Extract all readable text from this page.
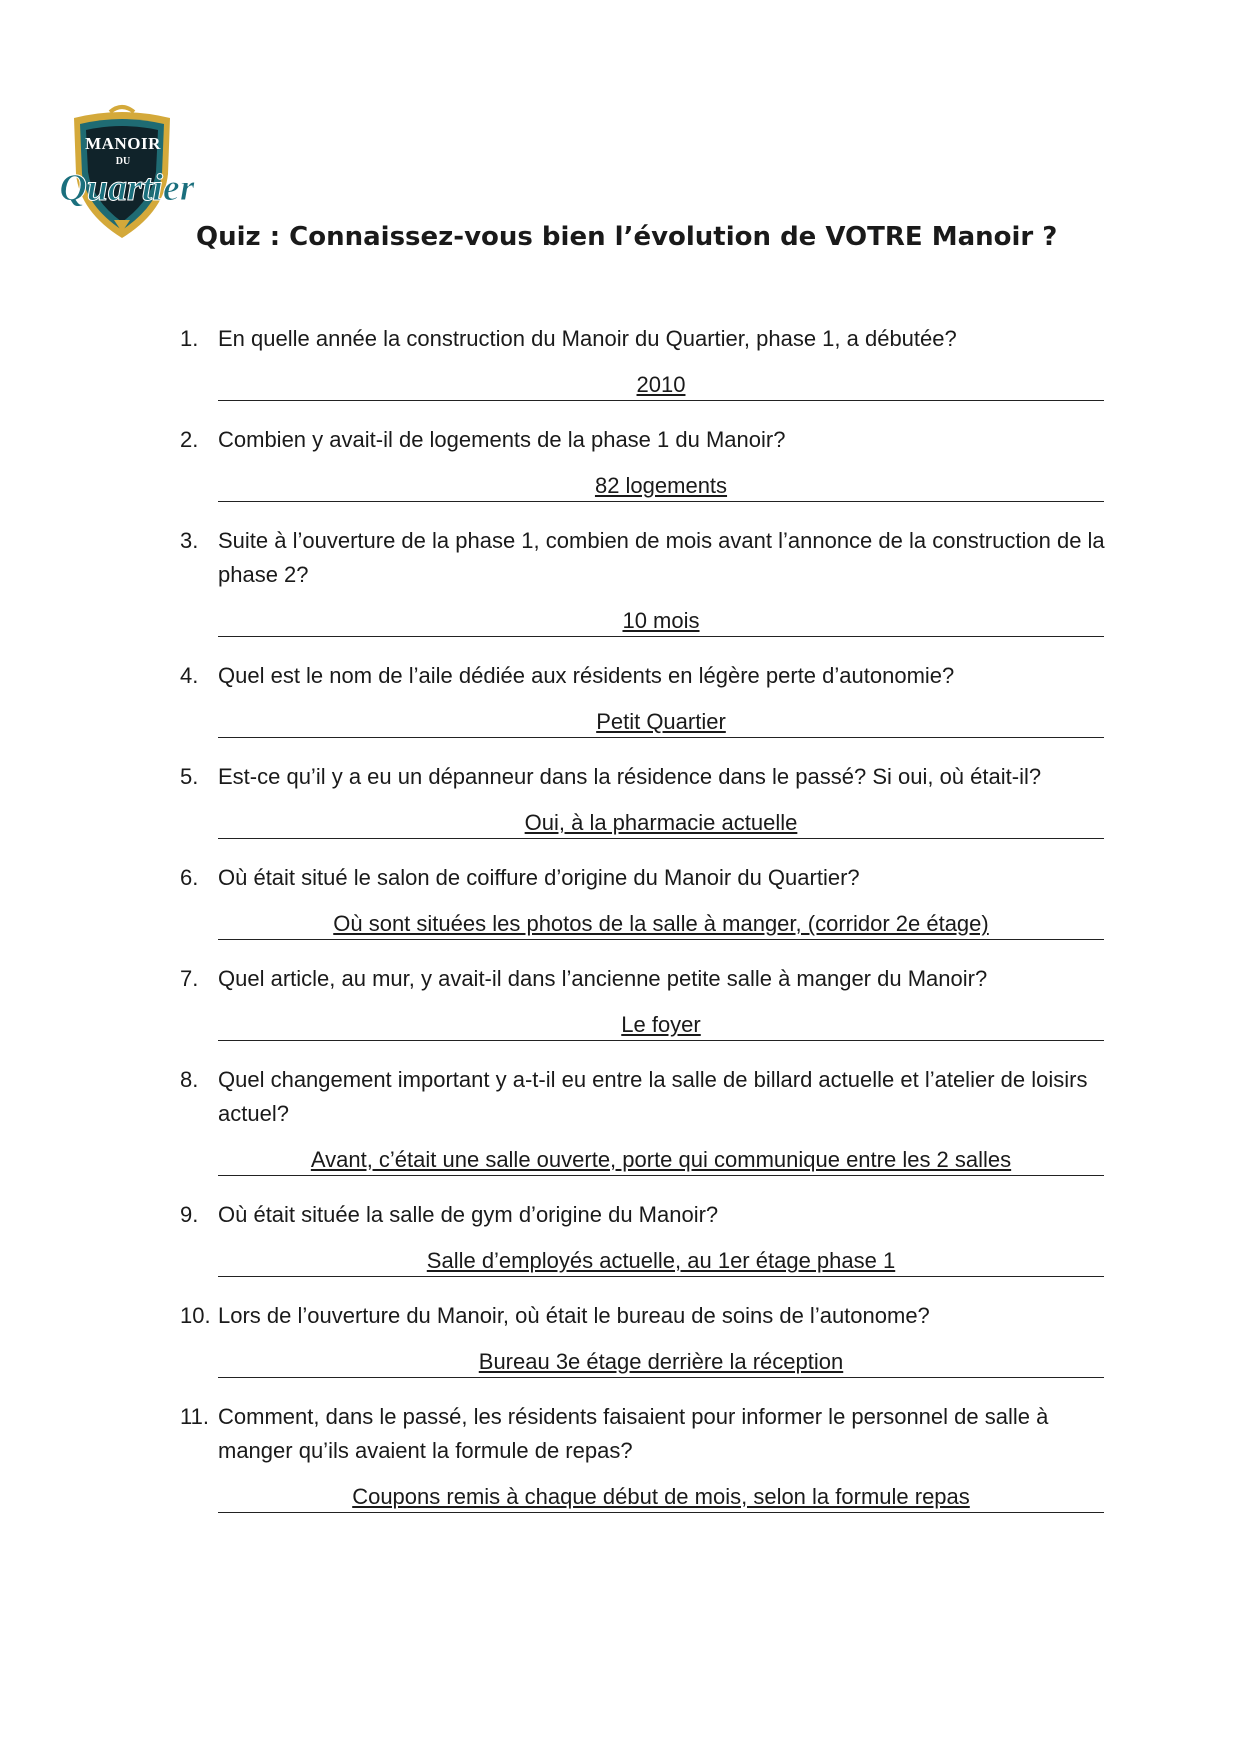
MANOIR
DU
Quartier
Quiz : Connaissez-vous bien l’évolution de VOTRE Manoir ?
1. En quelle année la construction du Manoir du Quartier, phase 1, a débutée?
2010
2. Combien y avait-il de logements de la phase 1 du Manoir?
82 logements
3. Suite à l’ouverture de la phase 1, combien de mois avant l’annonce de la construction de la phase 2?
10 mois
4. Quel est le nom de l’aile dédiée aux résidents en légère perte d’autonomie?
Petit Quartier
5. Est-ce qu’il y a eu un dépanneur dans la résidence dans le passé? Si oui, où était-il?
Oui, à la pharmacie actuelle
6. Où était situé le salon de coiffure d’origine du Manoir du Quartier?
Où sont situées les photos de la salle à manger, (corridor 2e étage)
7. Quel article, au mur, y avait-il dans l’ancienne petite salle à manger du Manoir?
Le foyer
8. Quel changement important y a-t-il eu entre la salle de billard actuelle et l’atelier de loisirs actuel?
Avant, c’était une salle ouverte, porte qui communique entre les 2 salles
9. Où était située la salle de gym d’origine du Manoir?
Salle d’employés actuelle, au 1er étage phase 1
10. Lors de l’ouverture du Manoir, où était le bureau de soins de l’autonome?
Bureau 3e étage derrière la réception
11. Comment, dans le passé, les résidents faisaient pour informer le personnel de salle à manger qu’ils avaient la formule de repas?
Coupons remis à chaque début de mois, selon la formule repas
